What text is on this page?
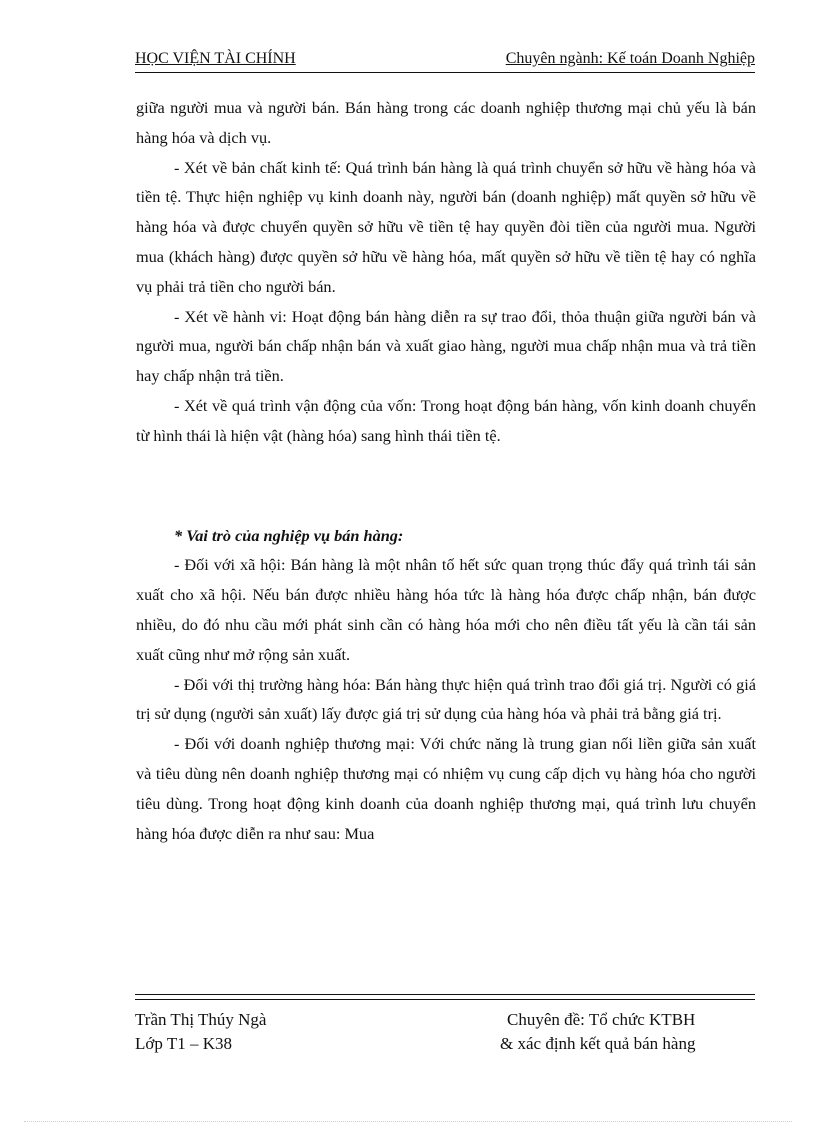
HỌC VIỆN TÀI CHÍNH	Chuyên ngành: Kế toán Doanh Nghiệp

giữa người mua và người bán. Bán hàng trong các doanh nghiệp thương mại chủ yếu là bán hàng hóa và dịch vụ.

- Xét về bản chất kinh tế: Quá trình bán hàng là quá trình chuyển sở hữu về hàng hóa và tiền tệ. Thực hiện nghiệp vụ kinh doanh này, người bán (doanh nghiệp) mất quyền sở hữu về hàng hóa và được chuyển quyền sở hữu về tiền tệ hay quyền đòi tiền của người mua. Người mua (khách hàng) được quyền sở hữu về hàng hóa, mất quyền sở hữu về tiền tệ hay có nghĩa vụ phải trả tiền cho người bán.

- Xét về hành vi: Hoạt động bán hàng diễn ra sự trao đổi, thỏa thuận giữa người bán và người mua, người bán chấp nhận bán và xuất giao hàng, người mua chấp nhận mua và trả tiền hay chấp nhận trả tiền.

- Xét về quá trình vận động của vốn: Trong hoạt động bán hàng, vốn kinh doanh chuyển từ hình thái là hiện vật (hàng hóa) sang hình thái tiền tệ.

* Vai trò của nghiệp vụ bán hàng:

- Đối với xã hội: Bán hàng là một nhân tố hết sức quan trọng thúc đẩy quá trình tái sản xuất cho xã hội. Nếu bán được nhiều hàng hóa tức là hàng hóa được chấp nhận, bán được nhiều, do đó nhu cầu mới phát sinh cần có hàng hóa mới cho nên điều tất yếu là cần tái sản xuất cũng như mở rộng sản xuất.

- Đối với thị trường hàng hóa: Bán hàng thực hiện quá trình trao đổi giá trị. Người có giá trị sử dụng (người sản xuất) lấy được giá trị sử dụng của hàng hóa và phải trả bằng giá trị.

- Đối với doanh nghiệp thương mại: Với chức năng là trung gian nối liền giữa sản xuất và tiêu dùng nên doanh nghiệp thương mại có nhiệm vụ cung cấp dịch vụ hàng hóa cho người tiêu dùng. Trong hoạt động kinh doanh của doanh nghiệp thương mại, quá trình lưu chuyển hàng hóa được diễn ra như sau: Mua

Trần Thị Thúy Ngà
Lớp T1 – K38
Chuyên đề: Tổ chức KTBH
& xác định kết quả bán hàng
